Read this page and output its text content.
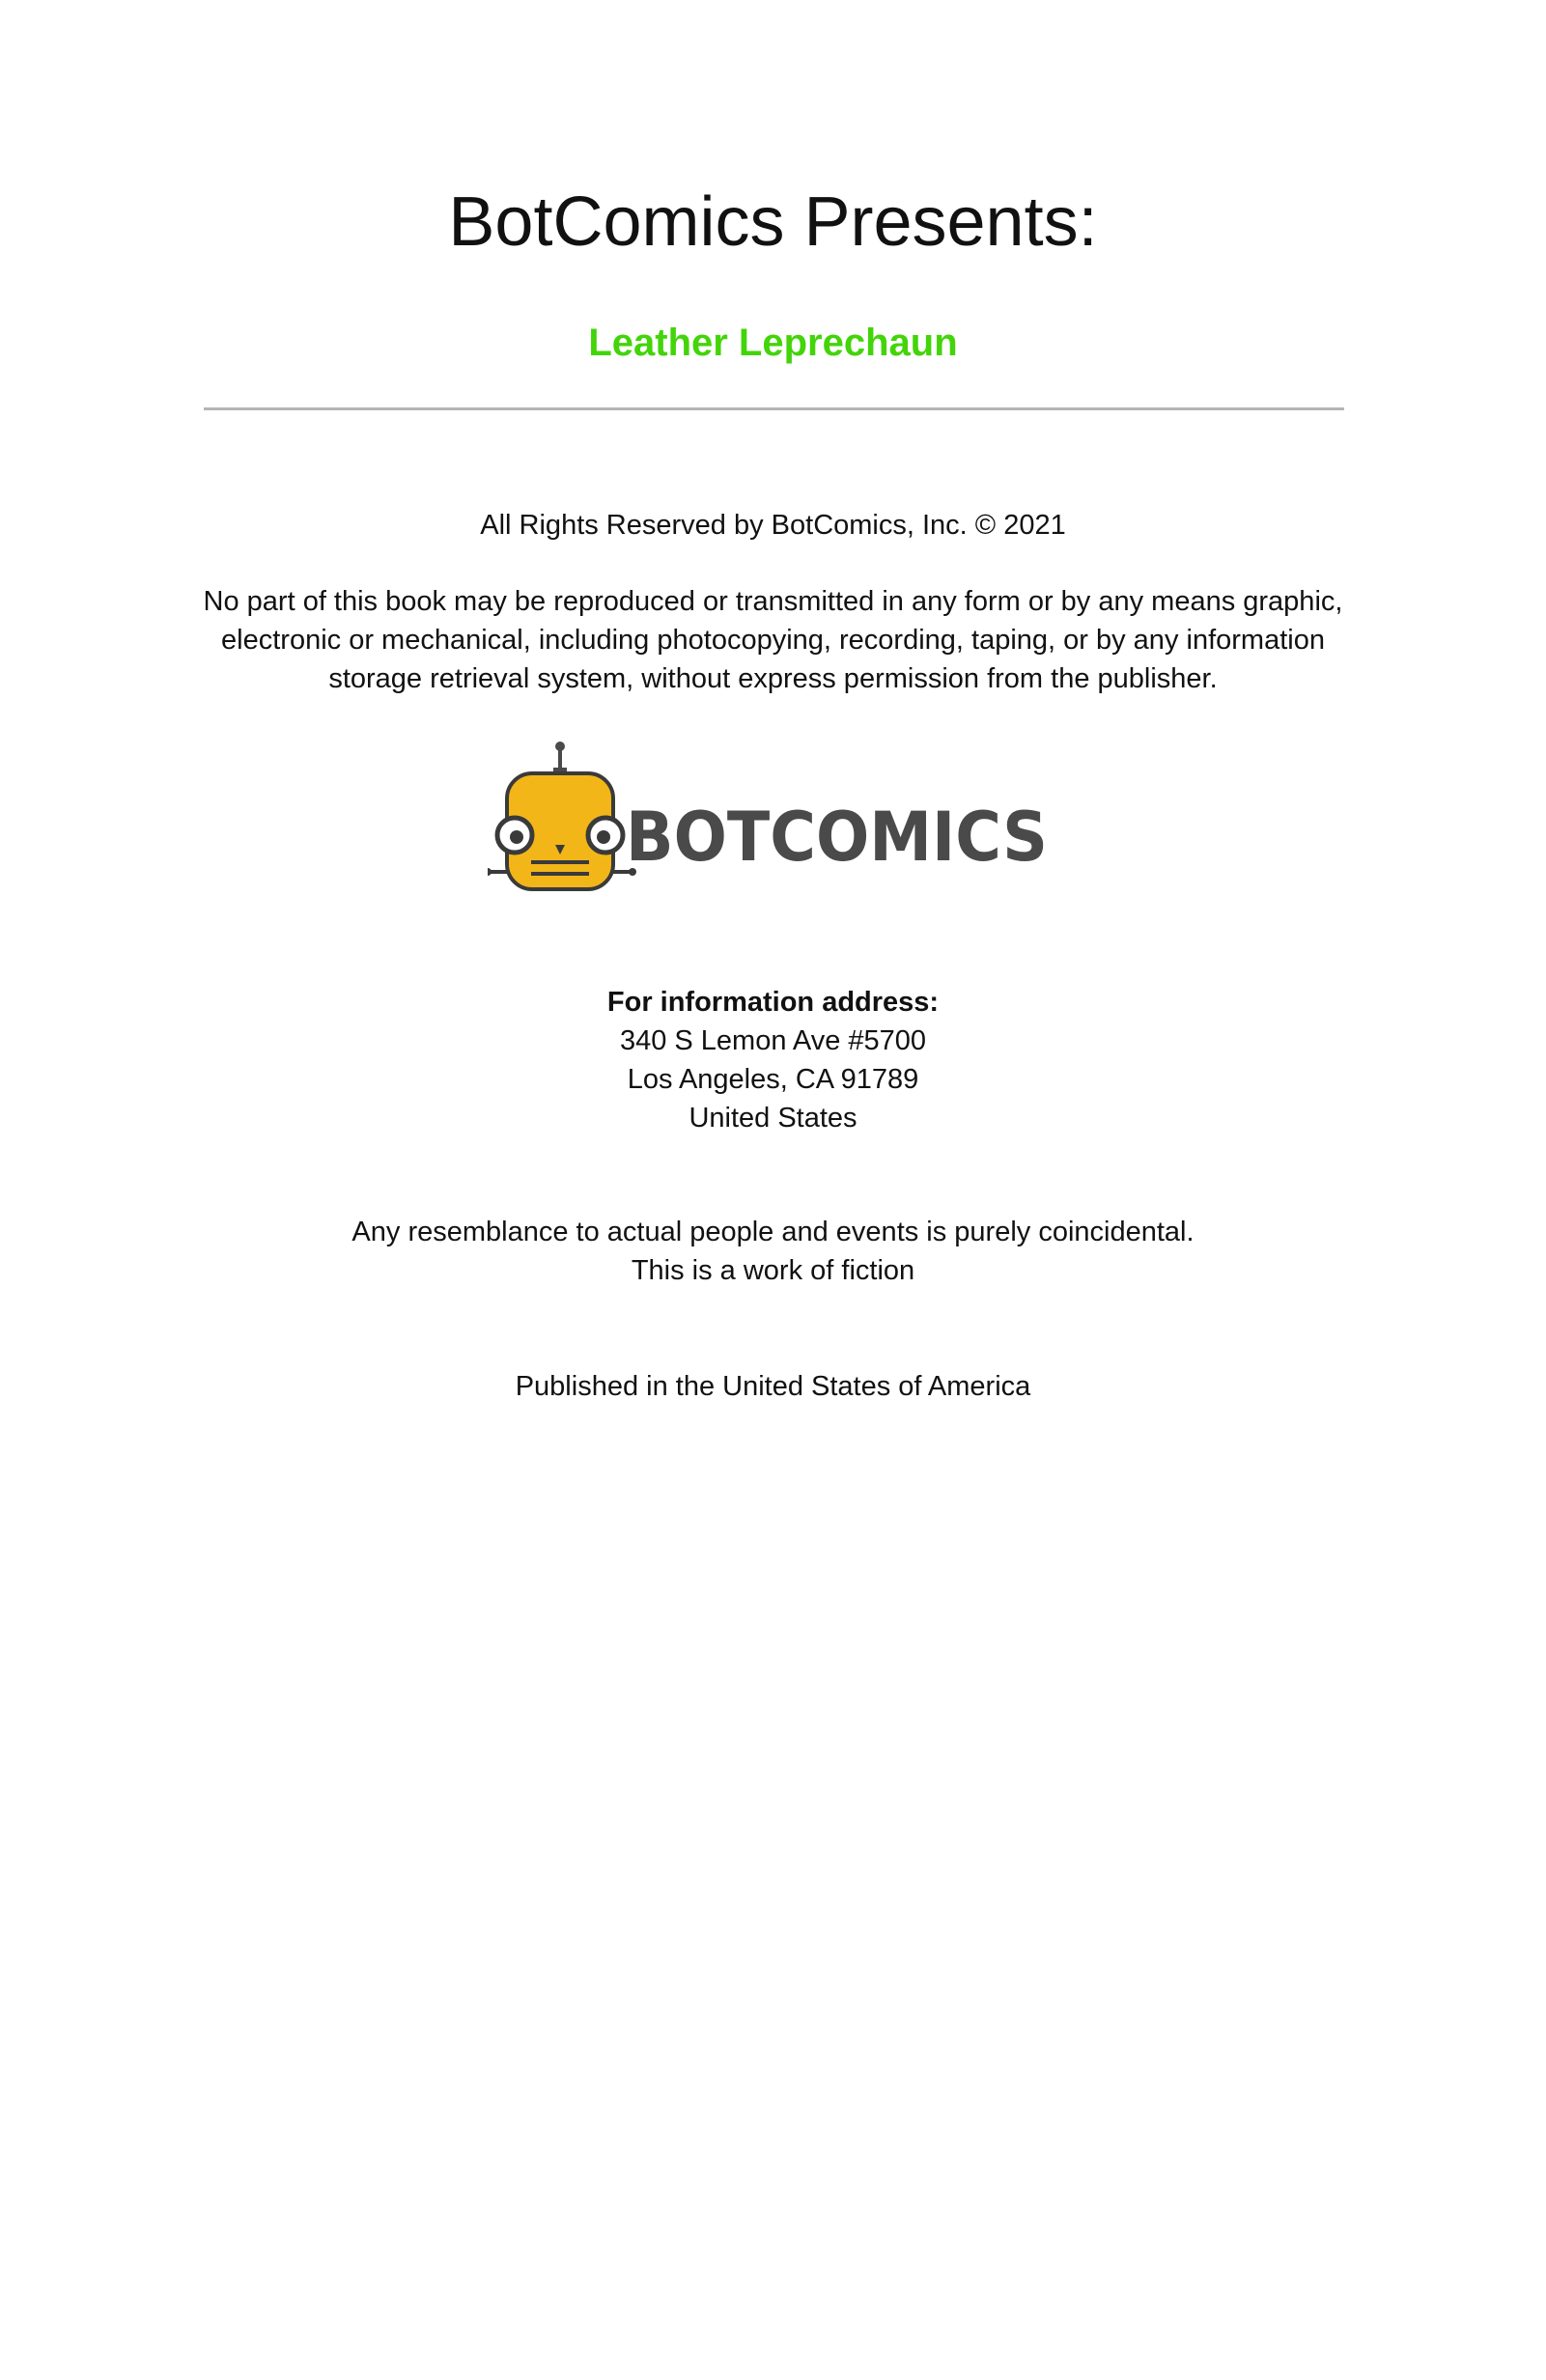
BotComics Presents:
Leather Leprechaun
All Rights Reserved by BotComics, Inc. © 2021
No part of this book may be reproduced or transmitted in any form or by any means graphic,
electronic or mechanical, including photocopying, recording, taping, or by any information
storage retrieval system, without express permission from the publisher.
BOTCOMICS
For information address:
340 S Lemon Ave #5700
Los Angeles, CA 91789
United States
Any resemblance to actual people and events is purely coincidental.
This is a work of fiction
Published in the United States of America
